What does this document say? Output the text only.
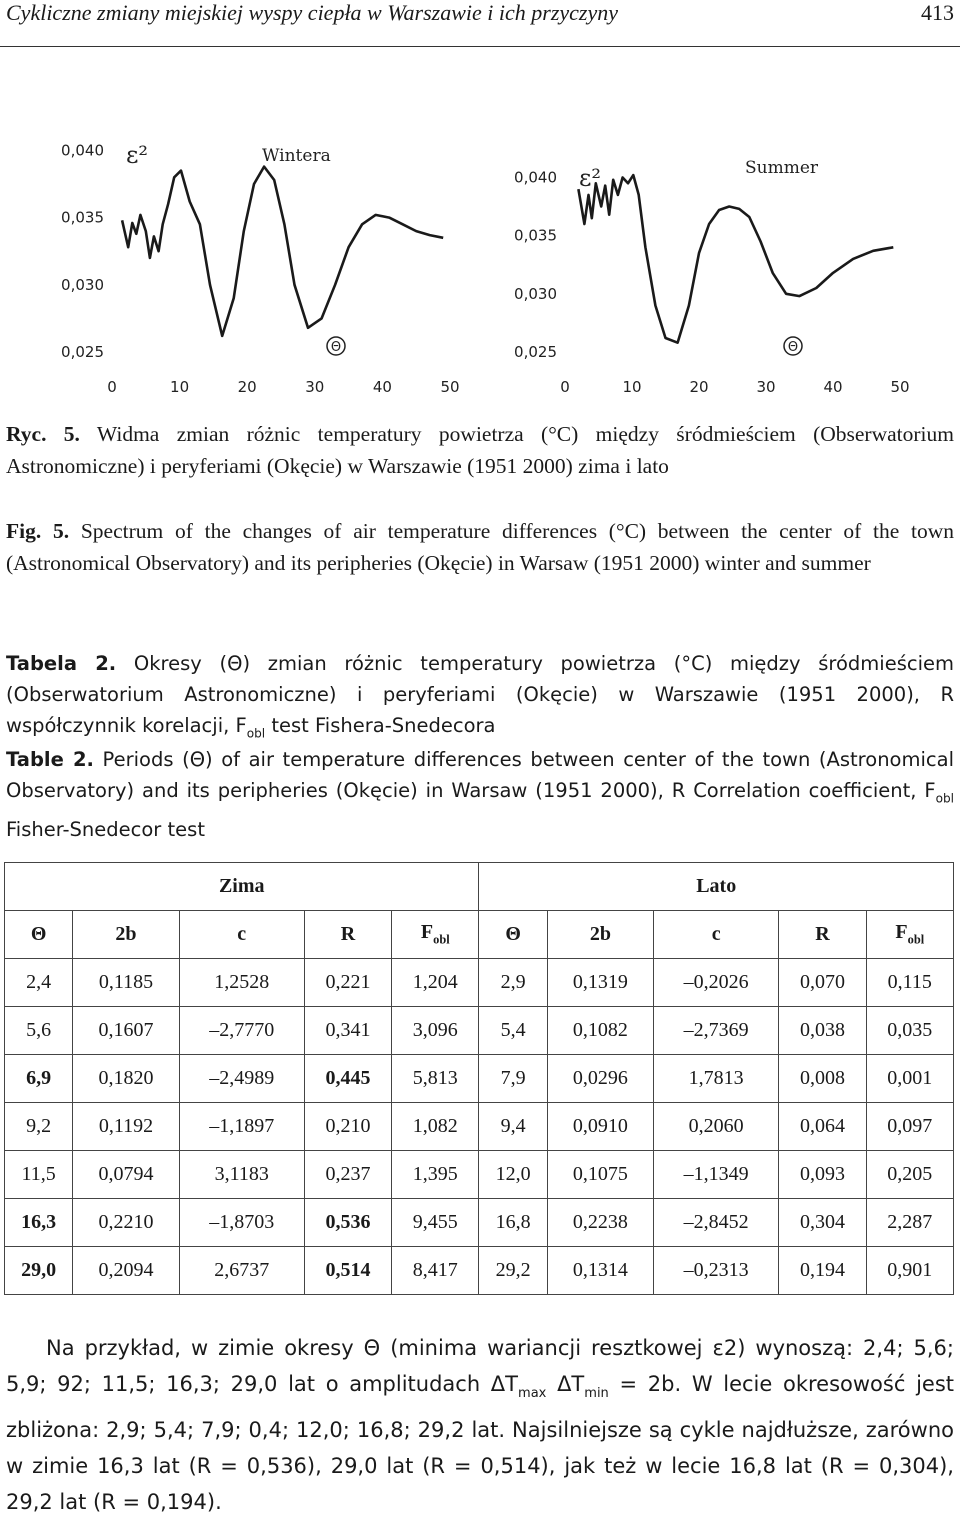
Cykliczne zmiany miejskiej wyspy ciepła w Warszawie i ich przyczyny	413
0,040
0,035
0,030
0,025
0	10	20	30	40	50
ε²	Wintera
Θ
0,040
0,035
0,030
0,025
0	10	20	30	40	50
ε²	Summer
Θ
Ryc. 5. Widma zmian różnic temperatury powietrza (°C) między śródmieściem (Obserwatorium Astronomiczne) i peryferiami (Okęcie) w Warszawie (1951 2000) zima i lato
Fig. 5. Spectrum of the changes of air temperature differences (°C) between the center of the town (Astronomical Observatory) and its peripheries (Okęcie) in Warsaw (1951 2000) winter and summer
Tabela 2. Okresy (Θ) zmian różnic temperatury powietrza (°C) między śródmieściem (Obserwatorium Astronomiczne) i peryferiami (Okęcie) w Warszawie (1951 2000), R współczynnik korelacji, $F_{obl}$ test Fishera-Snedecora
Table 2. Periods (Θ) of air temperature differences between center of the town (Astronomical Observatory) and its peripheries (Okęcie) in Warsaw (1951 2000), R Correlation coefficient, $F_{obl}$ Fisher-Snedecor test
Zima					Lato				
Θ	2b	c	R	$F_{obl}$	Θ	2b	c	R	$F_{obl}$
2,4	0,1185	1,2528	0,221	1,204	2,9	0,1319	–0,2026	0,070	0,115
5,6	0,1607	–2,7770	0,341	3,096	5,4	0,1082	–2,7369	0,038	0,035
6,9	0,1820	–2,4989	0,445	5,813	7,9	0,0296	1,7813	0,008	0,001
9,2	0,1192	–1,1897	0,210	1,082	9,4	0,0910	0,2060	0,064	0,097
11,5	0,0794	3,1183	0,237	1,395	12,0	0,1075	–1,1349	0,093	0,205
16,3	0,2210	–1,8703	0,536	9,455	16,8	0,2238	–2,8452	0,304	2,287
29,0	0,2094	2,6737	0,514	8,417	29,2	0,1314	–0,2313	0,194	0,901

Na przykład, w zimie okresy Θ (minima wariancji resztkowej ε2) wynoszą: 2,4; 5,6; 5,9; 92; 11,5; 16,3; 29,0 lat o amplitudach $\Delta T_{max}$ $\Delta T_{min} = 2b$. W lecie okresowość jest zbliżona: 2,9; 5,4; 7,9; 0,4; 12,0; 16,8; 29,2 lat. Najsilniejsze są cykle najdłuższe, zarówno w zimie 16,3 lat (R = 0,536), 29,0 lat (R = 0,514), jak też w lecie 16,8 lat (R = 0,304), 29,2 lat (R = 0,194).
